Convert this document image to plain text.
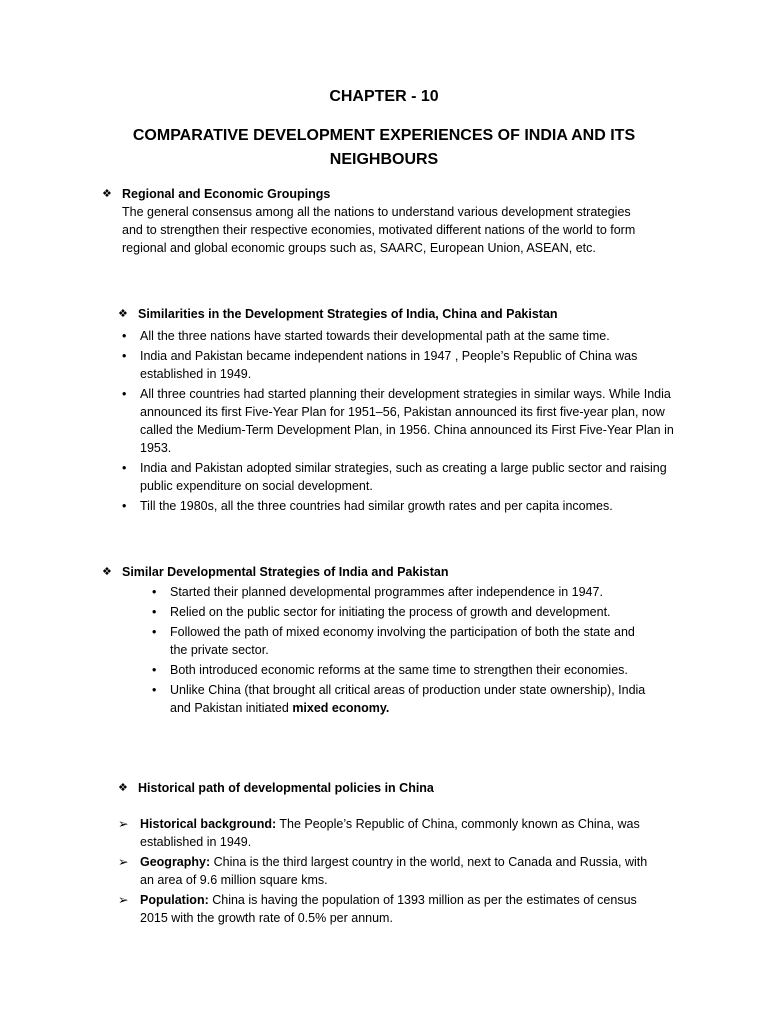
CHAPTER - 10
COMPARATIVE DEVELOPMENT EXPERIENCES OF INDIA AND ITS NEIGHBOURS
❖ Regional and Economic Groupings
The general consensus among all the nations to understand various development strategies and to strengthen their respective economies, motivated different nations of the world to form regional and global economic groups such as, SAARC, European Union, ASEAN, etc.
❖ Similarities in the Development Strategies of India, China and Pakistan
• All the three nations have started towards their developmental path at the same time.
• India and Pakistan became independent nations in 1947 , People’s Republic of China was established in 1949.
• All three countries had started planning their development strategies in similar ways. While India announced its first Five-Year Plan for 1951–56, Pakistan announced its first five-year plan, now called the Medium-Term Development Plan, in 1956. China announced its First Five-Year Plan in 1953.
• India and Pakistan adopted similar strategies, such as creating a large public sector and raising public expenditure on social development.
• Till the 1980s, all the three countries had similar growth rates and per capita incomes.
❖ Similar Developmental Strategies of India and Pakistan
• Started their planned developmental programmes after independence in 1947.
• Relied on the public sector for initiating the process of growth and development.
• Followed the path of mixed economy involving the participation of both the state and the private sector.
• Both introduced economic reforms at the same time to strengthen their economies.
• Unlike China (that brought all critical areas of production under state ownership), India and Pakistan initiated mixed economy.
❖ Historical path of developmental policies in China
➢ Historical background: The People’s Republic of China, commonly known as China, was established in 1949.
➢ Geography: China is the third largest country in the world, next to Canada and Russia, with an area of 9.6 million square kms.
➢ Population: China is having the population of 1393 million as per the estimates of census 2015 with the growth rate of 0.5% per annum.
